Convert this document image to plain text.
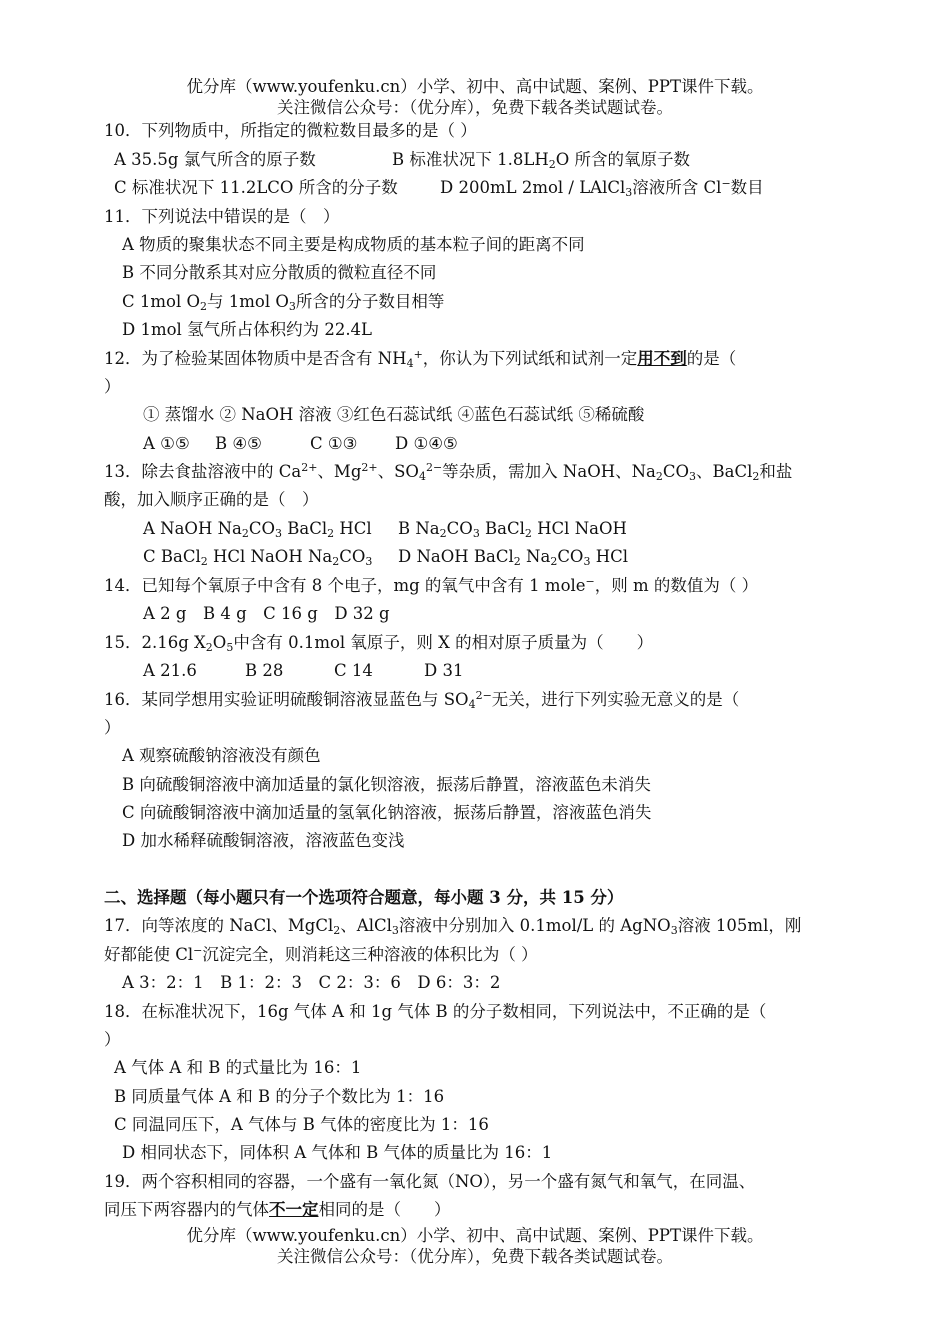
优分库（www.youfenku.cn）小学、初中、高中试题、案例、PPT课件下载。
关注微信公众号：（优分库），免费下载各类试题试卷。
10．下列物质中，所指定的微粒数目最多的是（ ）
A 35.5g 氯气所含的原子数	B 标准状况下 $1.8LH_2O$ 所含的氧原子数
C 标准状况下 11.2LCO 所含的分子数	D 200mL 2mol / LAlCl$_3$溶液所含 Cl−数目
11．下列说法中错误的是（　）
A 物质的聚集状态不同主要是构成物质的基本粒子间的距离不同
B 不同分散系其对应分散质的微粒直径不同
C 1mol $O_2$与 1mol $O_3$所含的分子数目相等
D 1mol 氢气所占体积约为 22.4L
12．为了检验某固体物质中是否含有 $NH_4^+$，你认为下列试纸和试剂一定用不到的是（
）
① 蒸馏水 ② NaOH 溶液 ③红色石蕊试纸 ④蓝色石蕊试纸 ⑤稀硫酸
A ①⑤ B ④⑤	C ①③ D ①④⑤
13．除去食盐溶液中的 $Ca^{2+}$、$Mg^{2+}$、$SO_4^{2-}$等杂质，需加入 NaOH、$Na_2CO_3$、BaCl$_2$和盐
酸，加入顺序正确的是（　）
A NaOH $Na_2CO_3$ BaCl$_2$ HCl B $Na_2CO_3$ BaCl$_2$ HCl NaOH
C BaCl$_2$ HCl NaOH $Na_2CO_3$ D NaOH BaCl$_2$ $Na_2CO_3$ HCl
14．已知每个氧原子中含有 8 个电子，mg 的氧气中含有 1 mole−，则 m 的数值为（ ）
A 2 g　B 4 g　C 16 g　D 32 g
15．2.16g $X_2O_5$中含有 0.1mol 氧原子，则 X 的相对原子质量为（　　）
A 21.6	B 28	C 14	D 31
16．某同学想用实验证明硫酸铜溶液显蓝色与 $SO_4^{2-}$无关，进行下列实验无意义的是（
）
A 观察硫酸钠溶液没有颜色
B 向硫酸铜溶液中滴加适量的氯化钡溶液，振荡后静置，溶液蓝色未消失
C 向硫酸铜溶液中滴加适量的氢氧化钠溶液，振荡后静置，溶液蓝色消失
D 加水稀释硫酸铜溶液，溶液蓝色变浅
二、选择题（每小题只有一个选项符合题意，每小题 3 分，共 15 分）
17．向等浓度的 NaCl、MgCl$_2$、AlCl$_3$溶液中分别加入 0.1mol/L 的 AgNO$_3$溶液 105ml，刚
好都能使 Cl−沉淀完全，则消耗这三种溶液的体积比为（ ）
A 3：2：1　B 1：2：3　C 2：3：6　D 6：3：2
18．在标准状况下，16g 气体 A 和 1g 气体 B 的分子数相同，下列说法中，不正确的是（
）
A 气体 A 和 B 的式量比为 16：1
B 同质量气体 A 和 B 的分子个数比为 1：16
C 同温同压下，A 气体与 B 气体的密度比为 1：16
D 相同状态下，同体积 A 气体和 B 气体的质量比为 16：1
19．两个容积相同的容器，一个盛有一氧化氮（NO），另一个盛有氮气和氧气，在同温、
同压下两容器内的气体不一定相同的是（　　）
优分库（www.youfenku.cn）小学、初中、高中试题、案例、PPT课件下载。
关注微信公众号：（优分库），免费下载各类试题试卷。
